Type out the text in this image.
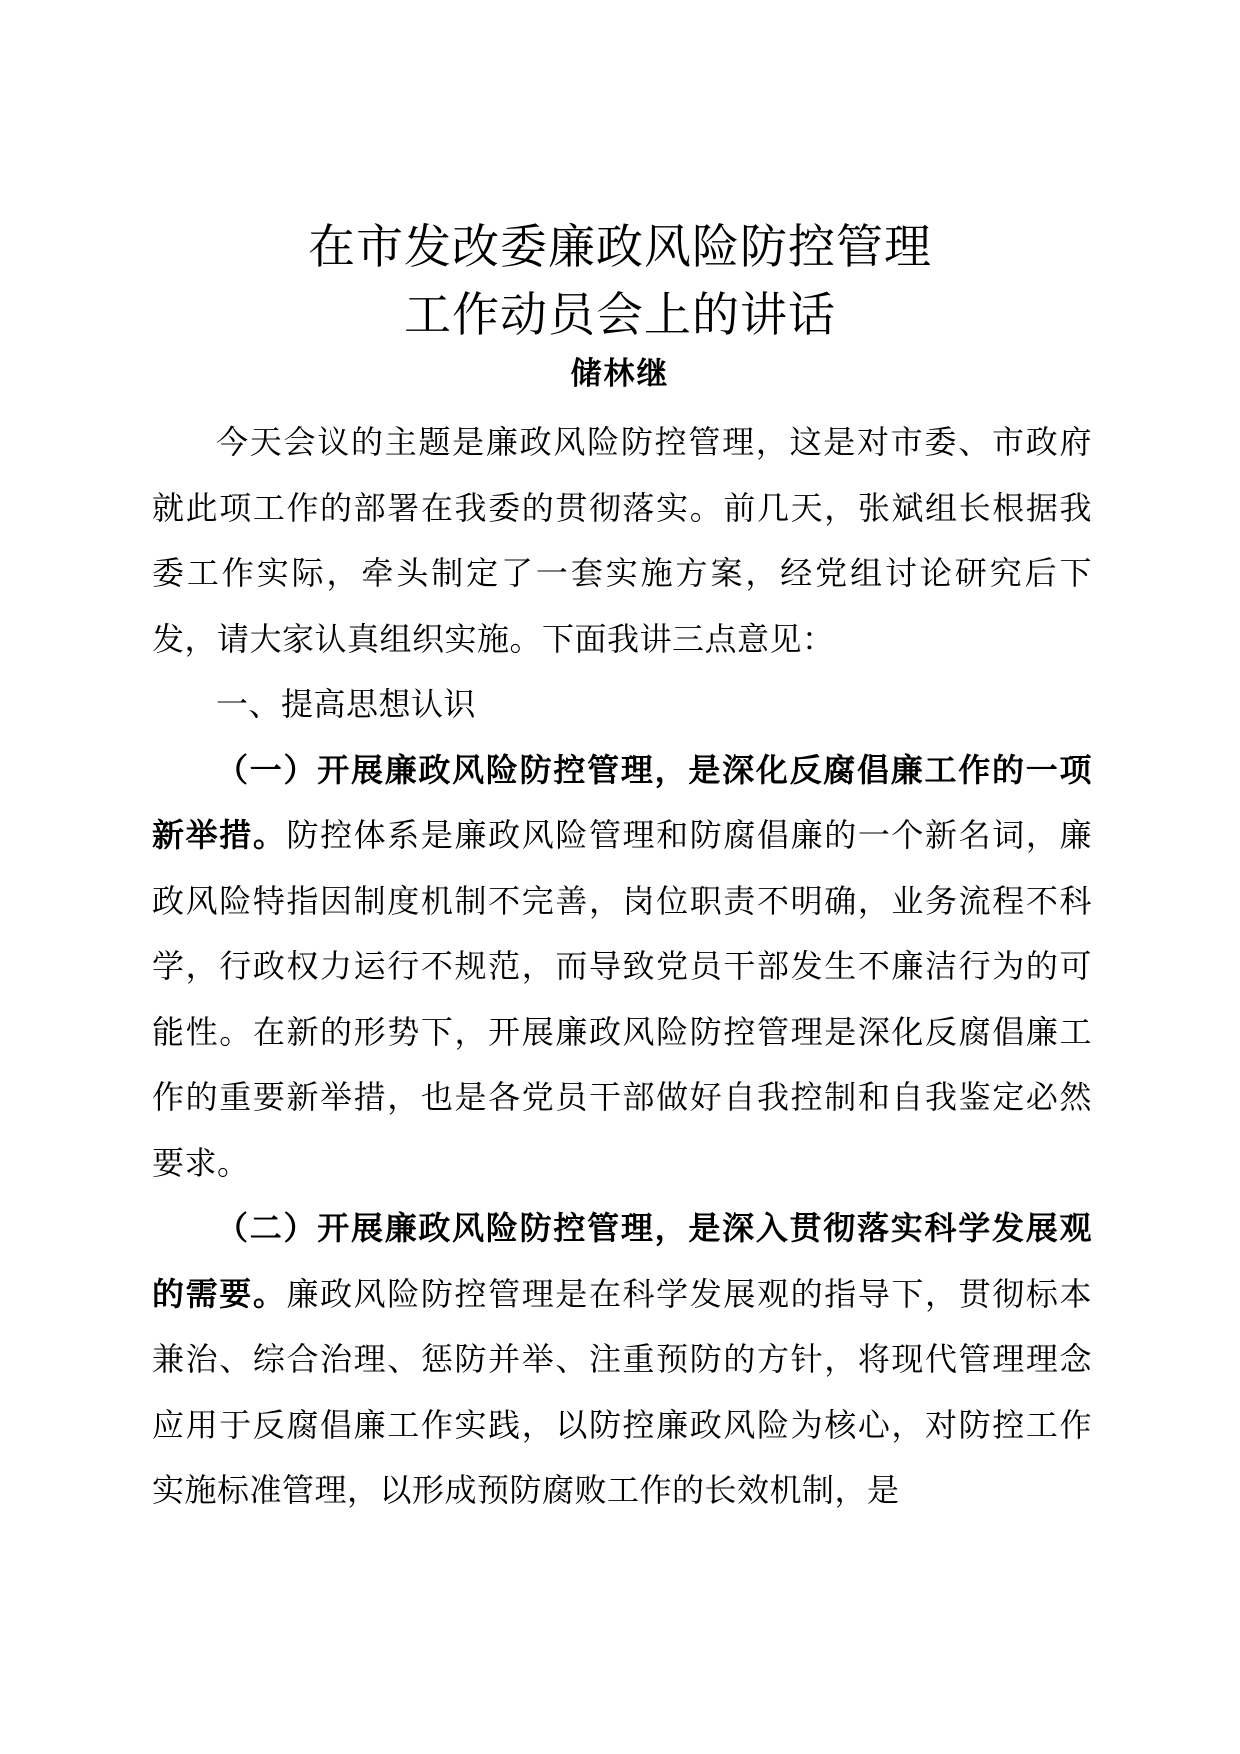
在市发改委廉政风险防控管理

工作动员会上的讲话

储林继

今天会议的主题是廉政风险防控管理，这是对市委、市政府就此项工作的部署在我委的贯彻落实。前几天，张斌组长根据我委工作实际，牵头制定了一套实施方案，经党组讨论研究后下发，请大家认真组织实施。下面我讲三点意见：

一、提高思想认识

（一）开展廉政风险防控管理，是深化反腐倡廉工作的一项新举措。防控体系是廉政风险管理和防腐倡廉的一个新名词，廉政风险特指因制度机制不完善，岗位职责不明确，业务流程不科学，行政权力运行不规范，而导致党员干部发生不廉洁行为的可能性。在新的形势下，开展廉政风险防控管理是深化反腐倡廉工作的重要新举措，也是各党员干部做好自我控制和自我鉴定必然要求。

（二）开展廉政风险防控管理，是深入贯彻落实科学发展观的需要。廉政风险防控管理是在科学发展观的指导下，贯彻标本兼治、综合治理、惩防并举、注重预防的方针，将现代管理理念应用于反腐倡廉工作实践，以防控廉政风险为核心，对防控工作实施标准管理，以形成预防腐败工作的长效机制，是
